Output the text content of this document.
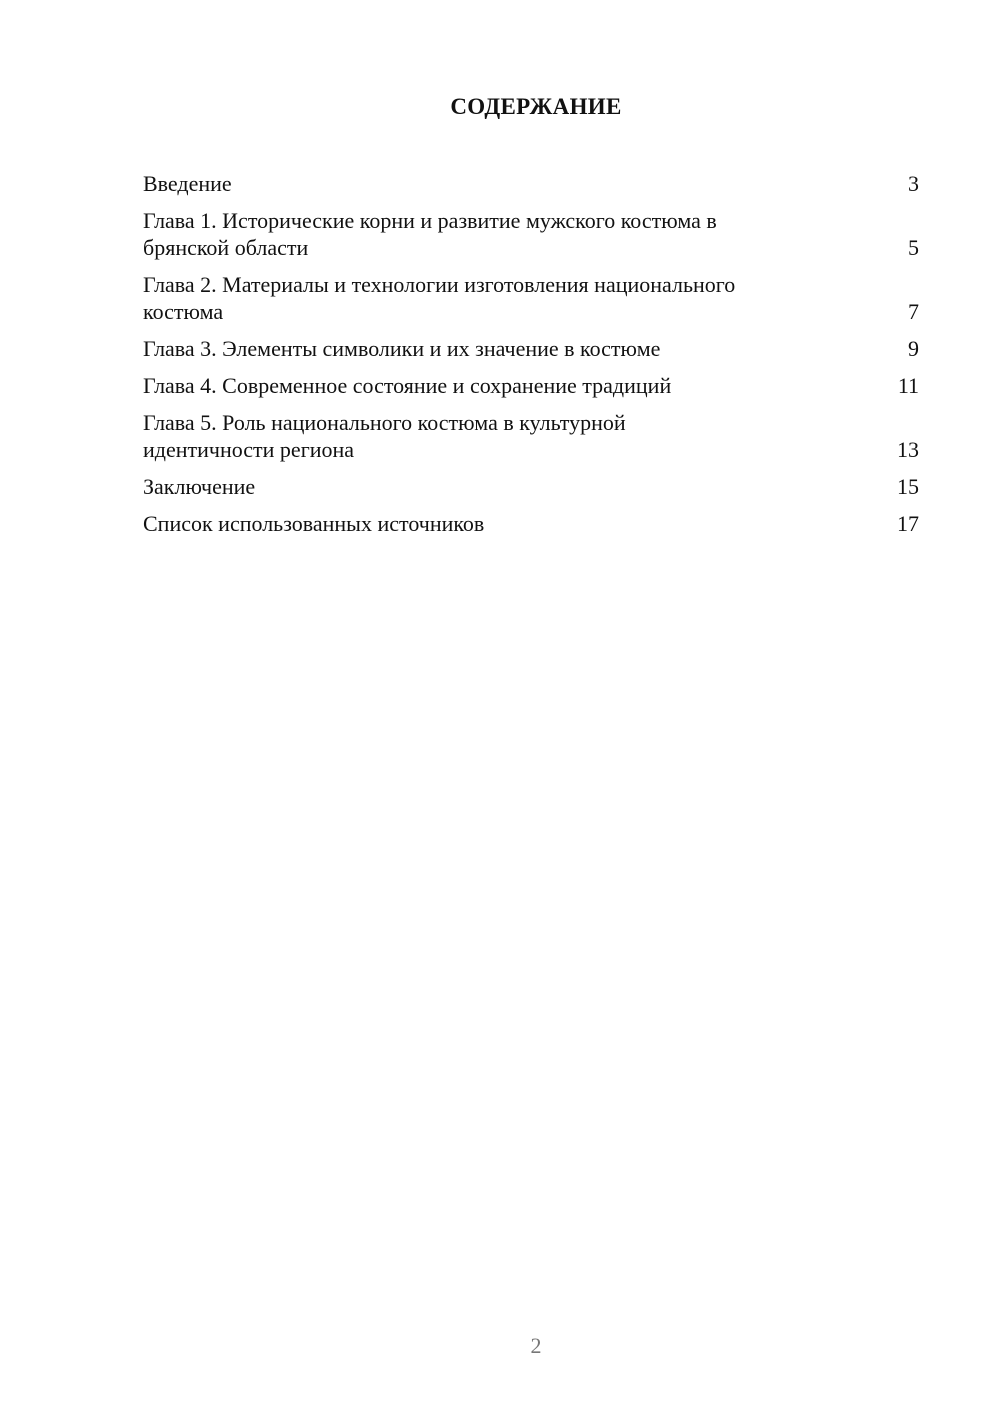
СОДЕРЖАНИЕ
Введение	3
Глава 1. Исторические корни и развитие мужского костюма в
брянской области	5
Глава 2. Материалы и технологии изготовления национального
костюма	7
Глава 3. Элементы символики и их значение в костюме	9
Глава 4. Современное состояние и сохранение традиций	11
Глава 5. Роль национального костюма в культурной
идентичности региона	13
Заключение	15
Список использованных источников	17
2
